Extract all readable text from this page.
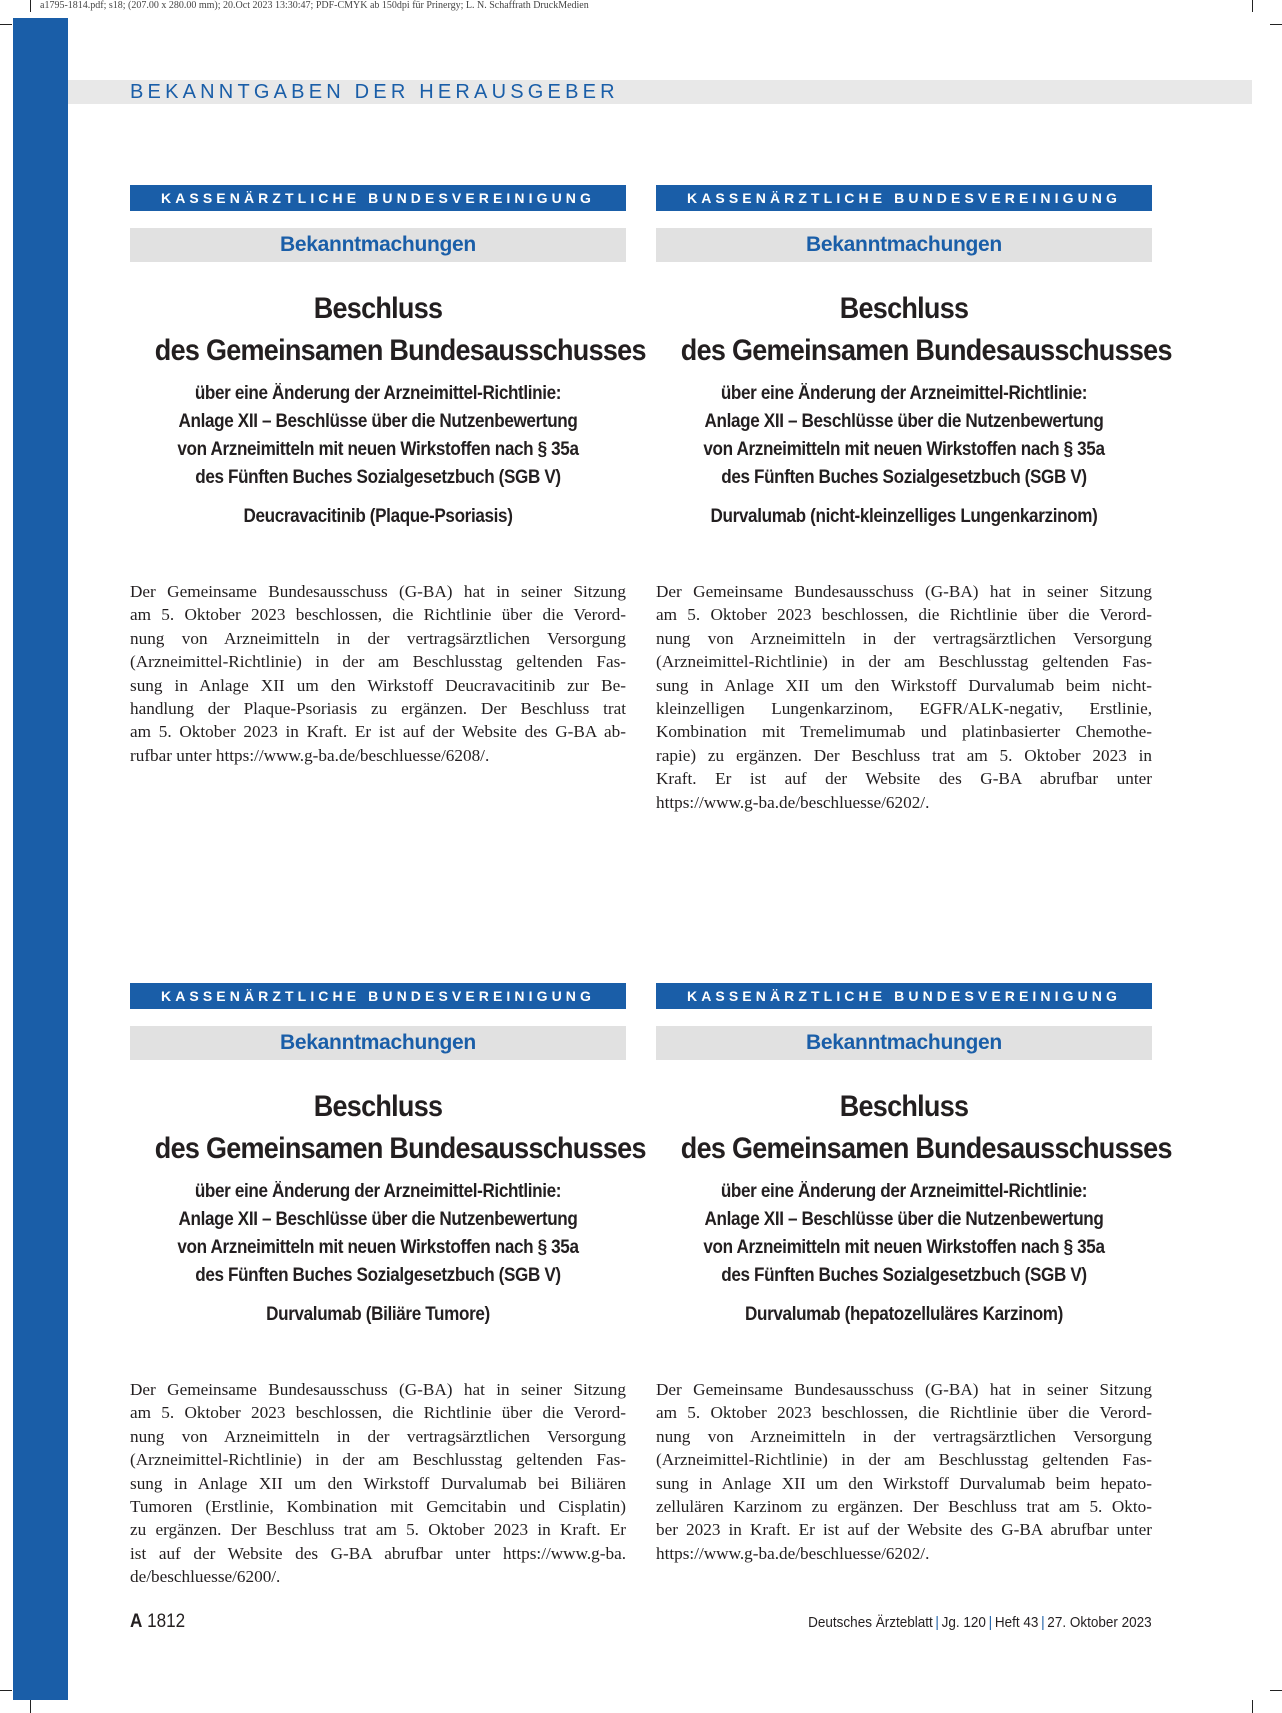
a1795-1814.pdf; s18; (207.00 x 280.00 mm); 20.Oct 2023 13:30:47; PDF-CMYK ab 150dpi für Prinergy; L. N. Schaffrath DruckMedien
BEKANNTGABEN DER HERAUSGEBER
KASSENÄRZTLICHE BUNDESVEREINIGUNG
Bekanntmachungen
Beschluss
des Gemeinsamen Bundesausschusses
über eine Änderung der Arzneimittel-Richtlinie:
Anlage XII – Beschlüsse über die Nutzenbewertung
von Arzneimitteln mit neuen Wirkstoffen nach § 35a
des Fünften Buches Sozialgesetzbuch (SGB V)
Deucravacitinib (Plaque-Psoriasis)
Der Gemeinsame Bundesausschuss (G-BA) hat in seiner Sitzung
am 5. Oktober 2023 beschlossen, die Richtlinie über die Verord-
nung von Arzneimitteln in der vertragsärztlichen Versorgung
(Arzneimittel-Richtlinie) in der am Beschlusstag geltenden Fas-
sung in Anlage XII um den Wirkstoff Deucravacitinib zur Be-
handlung der Plaque-Psoriasis zu ergänzen. Der Beschluss trat
am 5. Oktober 2023 in Kraft. Er ist auf der Website des G-BA ab-
rufbar unter https://www.g-ba.de/beschluesse/6208/.
KASSENÄRZTLICHE BUNDESVEREINIGUNG
Bekanntmachungen
Beschluss
des Gemeinsamen Bundesausschusses
über eine Änderung der Arzneimittel-Richtlinie:
Anlage XII – Beschlüsse über die Nutzenbewertung
von Arzneimitteln mit neuen Wirkstoffen nach § 35a
des Fünften Buches Sozialgesetzbuch (SGB V)
Durvalumab (nicht-kleinzelliges Lungenkarzinom)
Der Gemeinsame Bundesausschuss (G-BA) hat in seiner Sitzung
am 5. Oktober 2023 beschlossen, die Richtlinie über die Verord-
nung von Arzneimitteln in der vertragsärztlichen Versorgung
(Arzneimittel-Richtlinie) in der am Beschlusstag geltenden Fas-
sung in Anlage XII um den Wirkstoff Durvalumab beim nicht-
kleinzelligen Lungenkarzinom, EGFR/ALK-negativ, Erstlinie,
Kombination mit Tremelimumab und platinbasierter Chemothe-
rapie) zu ergänzen. Der Beschluss trat am 5. Oktober 2023 in
Kraft. Er ist auf der Website des G-BA abrufbar unter
https://www.g-ba.de/beschluesse/6202/.
KASSENÄRZTLICHE BUNDESVEREINIGUNG
Bekanntmachungen
Beschluss
des Gemeinsamen Bundesausschusses
über eine Änderung der Arzneimittel-Richtlinie:
Anlage XII – Beschlüsse über die Nutzenbewertung
von Arzneimitteln mit neuen Wirkstoffen nach § 35a
des Fünften Buches Sozialgesetzbuch (SGB V)
Durvalumab (Biliäre Tumore)
Der Gemeinsame Bundesausschuss (G-BA) hat in seiner Sitzung
am 5. Oktober 2023 beschlossen, die Richtlinie über die Verord-
nung von Arzneimitteln in der vertragsärztlichen Versorgung
(Arzneimittel-Richtlinie) in der am Beschlusstag geltenden Fas-
sung in Anlage XII um den Wirkstoff Durvalumab bei Biliären
Tumoren (Erstlinie, Kombination mit Gemcitabin und Cisplatin)
zu ergänzen. Der Beschluss trat am 5. Oktober 2023 in Kraft. Er
ist auf der Website des G-BA abrufbar unter https://www.g-ba.
de/beschluesse/6200/.
KASSENÄRZTLICHE BUNDESVEREINIGUNG
Bekanntmachungen
Beschluss
des Gemeinsamen Bundesausschusses
über eine Änderung der Arzneimittel-Richtlinie:
Anlage XII – Beschlüsse über die Nutzenbewertung
von Arzneimitteln mit neuen Wirkstoffen nach § 35a
des Fünften Buches Sozialgesetzbuch (SGB V)
Durvalumab (hepatozelluläres Karzinom)
Der Gemeinsame Bundesausschuss (G-BA) hat in seiner Sitzung
am 5. Oktober 2023 beschlossen, die Richtlinie über die Verord-
nung von Arzneimitteln in der vertragsärztlichen Versorgung
(Arzneimittel-Richtlinie) in der am Beschlusstag geltenden Fas-
sung in Anlage XII um den Wirkstoff Durvalumab beim hepato-
zellulären Karzinom zu ergänzen. Der Beschluss trat am 5. Okto-
ber 2023 in Kraft. Er ist auf der Website des G-BA abrufbar unter
https://www.g-ba.de/beschluesse/6202/.
A 1812	Deutsches Ärzteblatt | Jg. 120 | Heft 43 | 27. Oktober 2023
